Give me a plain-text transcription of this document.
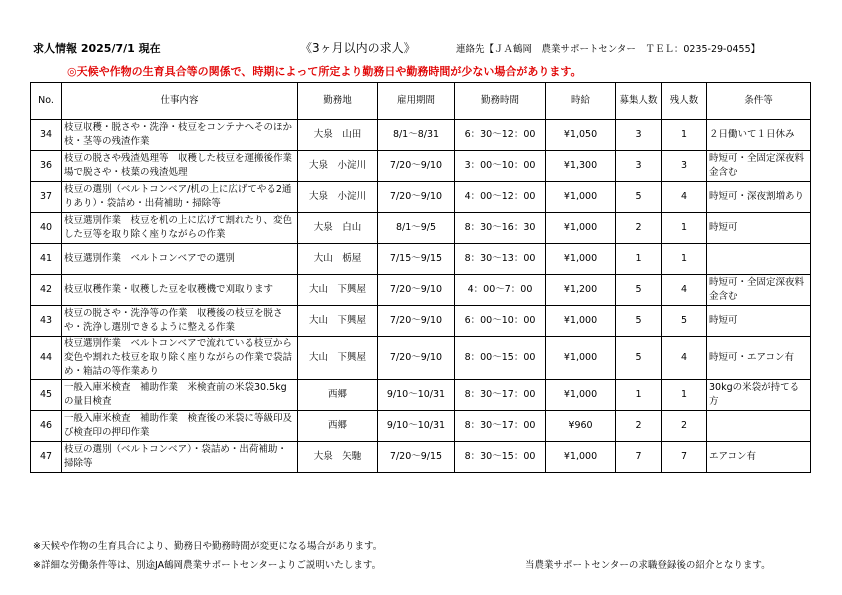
求人情報 2025/7/1 現在	《3ヶ月以内の求人》	連絡先【ＪＡ鶴岡　農業サポートセンター　ＴＥＬ：0235-29-0455】
◎天候や作物の生育具合等の関係で、時期によって所定より勤務日や勤務時間が少ない場合があります。
No.	仕事内容	勤務地	雇用期間	勤務時間	時給	募集人数	残人数	条件等
34	枝豆収穫・脱さや・洗浄・枝豆をコンテナへそのほか枝・茎等の残渣作業	大泉　山田	8/1～8/31	6：30～12：00	¥1,050	3	1	２日働いて１日休み
36	枝豆の脱さや残渣処理等　収穫した枝豆を運搬後作業場で脱さや・枝葉の残渣処理	大泉　小淀川	7/20～9/10	3：00～10：00	¥1,300	3	3	時短可・全固定深夜料金含む
37	枝豆の選別（ベルトコンベア/机の上に広げてやる2通りあり）・袋詰め・出荷補助・掃除等	大泉　小淀川	7/20～9/10	4：00～12：00	¥1,000	5	4	時短可・深夜割増あり
40	枝豆選別作業　枝豆を机の上に広げて割れたり、変色した豆等を取り除く座りながらの作業	大泉　白山	8/1～9/5	8：30～16：30	¥1,000	2	1	時短可
41	枝豆選別作業　ベルトコンベアでの選別	大山　栃屋	7/15～9/15	8：30～13：00	¥1,000	1	1	
42	枝豆収穫作業・収穫した豆を収穫機で刈取ります	大山　下興屋	7/20～9/10	4：00～7：00	¥1,200	5	4	時短可・全固定深夜料金含む
43	枝豆の脱さや・洗浄等の作業　収穫後の枝豆を脱さや・洗浄し選別できるように整える作業	大山　下興屋	7/20～9/10	6：00～10：00	¥1,000	5	5	時短可
44	枝豆選別作業　ベルトコンベアで流れている枝豆から変色や割れた枝豆を取り除く座りながらの作業で袋詰め・箱詰の等作業あり	大山　下興屋	7/20～9/10	8：00～15：00	¥1,000	5	4	時短可・エアコン有
45	一般入庫米検査　補助作業　米検査前の米袋30.5kgの量目検査	西郷	9/10～10/31	8：30～17：00	¥1,000	1	1	30kgの米袋が持てる方
46	一般入庫米検査　補助作業　検査後の米袋に等級印及び検査印の押印作業	西郷	9/10～10/31	8：30～17：00	¥960	2	2	
47	枝豆の選別（ベルトコンベア）・袋詰め・出荷補助・掃除等	大泉　矢馳	7/20～9/15	8：30～15：00	¥1,000	7	7	エアコン有
※天候や作物の生育具合により、勤務日や勤務時間が変更になる場合があります。
※詳細な労働条件等は、別途JA鶴岡農業サポートセンターよりご説明いたします。	当農業サポートセンターの求職登録後の紹介となります。
